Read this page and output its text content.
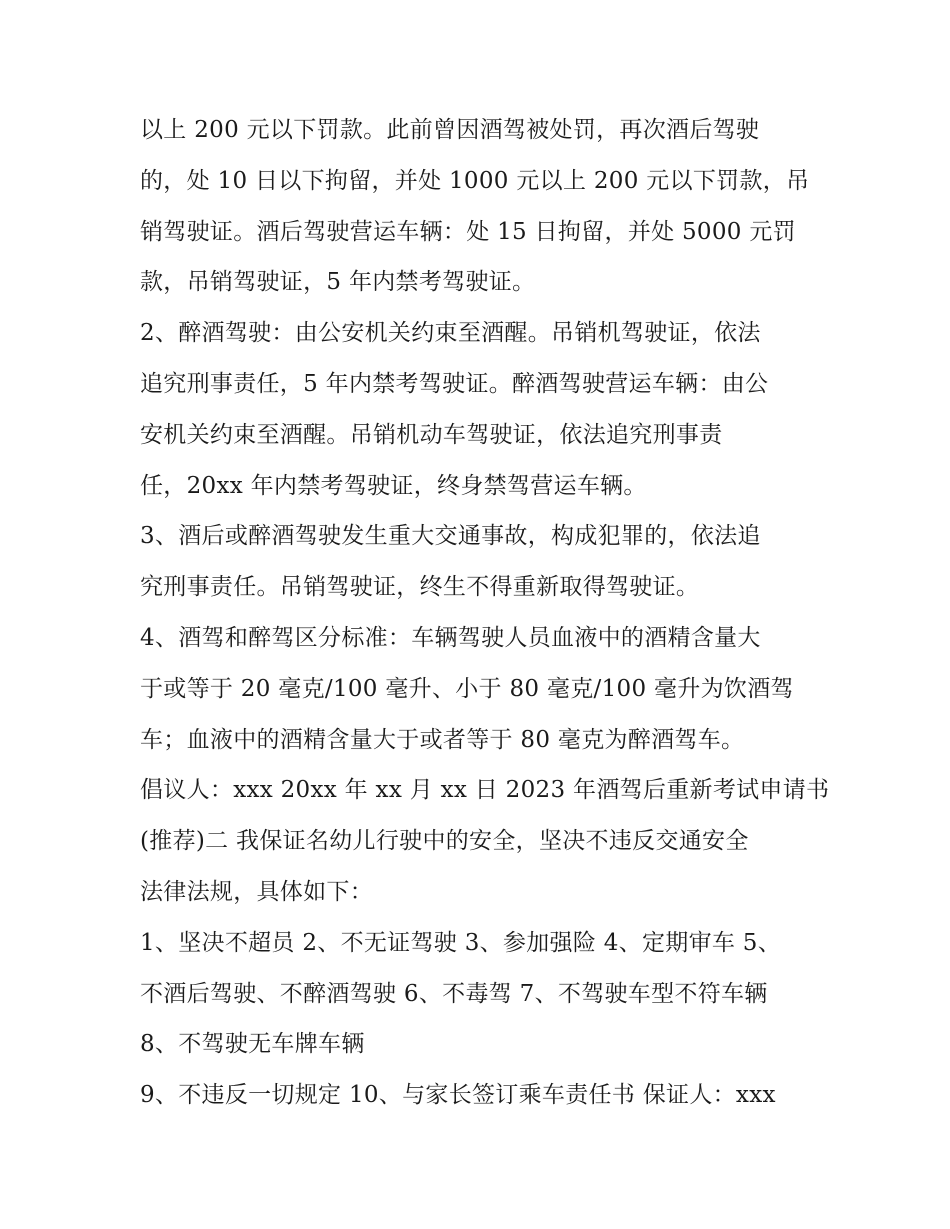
以上 200 元以下罚款。此前曾因酒驾被处罚，再次酒后驾驶
的，处 10 日以下拘留，并处 1000 元以上 200 元以下罚款，吊
销驾驶证。酒后驾驶营运车辆：处 15 日拘留，并处 5000 元罚
款，吊销驾驶证，5 年内禁考驾驶证。
2、醉酒驾驶：由公安机关约束至酒醒。吊销机驾驶证，依法
追究刑事责任，5 年内禁考驾驶证。醉酒驾驶营运车辆：由公
安机关约束至酒醒。吊销机动车驾驶证，依法追究刑事责
任，20xx 年内禁考驾驶证，终身禁驾营运车辆。
3、酒后或醉酒驾驶发生重大交通事故，构成犯罪的，依法追
究刑事责任。吊销驾驶证，终生不得重新取得驾驶证。
4、酒驾和醉驾区分标准：车辆驾驶人员血液中的酒精含量大
于或等于 20 毫克/100 毫升、小于 80 毫克/100 毫升为饮酒驾
车；血液中的酒精含量大于或者等于 80 毫克为醉酒驾车。
倡议人：xxx 20xx 年 xx 月 xx 日 2023 年酒驾后重新考试申请书
(推荐)二 我保证名幼儿行驶中的安全，坚决不违反交通安全
法律法规，具体如下：
1、坚决不超员 2、不无证驾驶 3、参加强险 4、定期审车 5、
不酒后驾驶、不醉酒驾驶 6、不毒驾 7、不驾驶车型不符车辆
8、不驾驶无车牌车辆
9、不违反一切规定 10、与家长签订乘车责任书 保证人：xxx
